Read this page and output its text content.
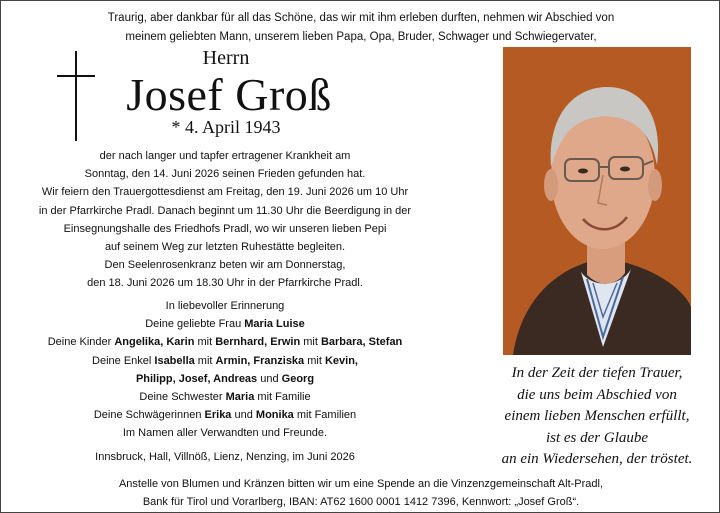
Traurig, aber dankbar für all das Schöne, das wir mit ihm erleben durften, nehmen wir Abschied von
meinem geliebten Mann, unserem lieben Papa, Opa, Bruder, Schwager und Schwiegervater,
Herrn
Josef Groß
* 4. April 1943
der nach langer und tapfer ertragener Krankheit am
Sonntag, den 14. Juni 2026 seinen Frieden gefunden hat.
Wir feiern den Trauergottesdienst am Freitag, den 19. Juni 2026 um 10 Uhr
in der Pfarrkirche Pradl. Danach beginnt um 11.30 Uhr die Beerdigung in der
Einsegnungshalle des Friedhofs Pradl, wo wir unseren lieben Pepi
auf seinem Weg zur letzten Ruhestätte begleiten.
Den Seelenrosenkranz beten wir am Donnerstag,
den 18. Juni 2026 um 18.30 Uhr in der Pfarrkirche Pradl.
In liebevoller Erinnerung
Deine geliebte Frau Maria Luise
Deine Kinder Angelika, Karin mit Bernhard, Erwin mit Barbara, Stefan
Deine Enkel Isabella mit Armin, Franziska mit Kevin,
Philipp, Josef, Andreas und Georg
Deine Schwester Maria mit Familie
Deine Schwägerinnen Erika und Monika mit Familien
Im Namen aller Verwandten und Freunde.
Innsbruck, Hall, Villnöß, Lienz, Nenzing, im Juni 2026
In der Zeit der tiefen Trauer,
die uns beim Abschied von
einem lieben Menschen erfüllt,
ist es der Glaube
an ein Wiedersehen, der tröstet.
Anstelle von Blumen und Kränzen bitten wir um eine Spende an die Vinzenzgemeinschaft Alt-Pradl,
Bank für Tirol und Vorarlberg, IBAN: AT62 1600 0001 1412 7396, Kennwort: „Josef Groß“.
